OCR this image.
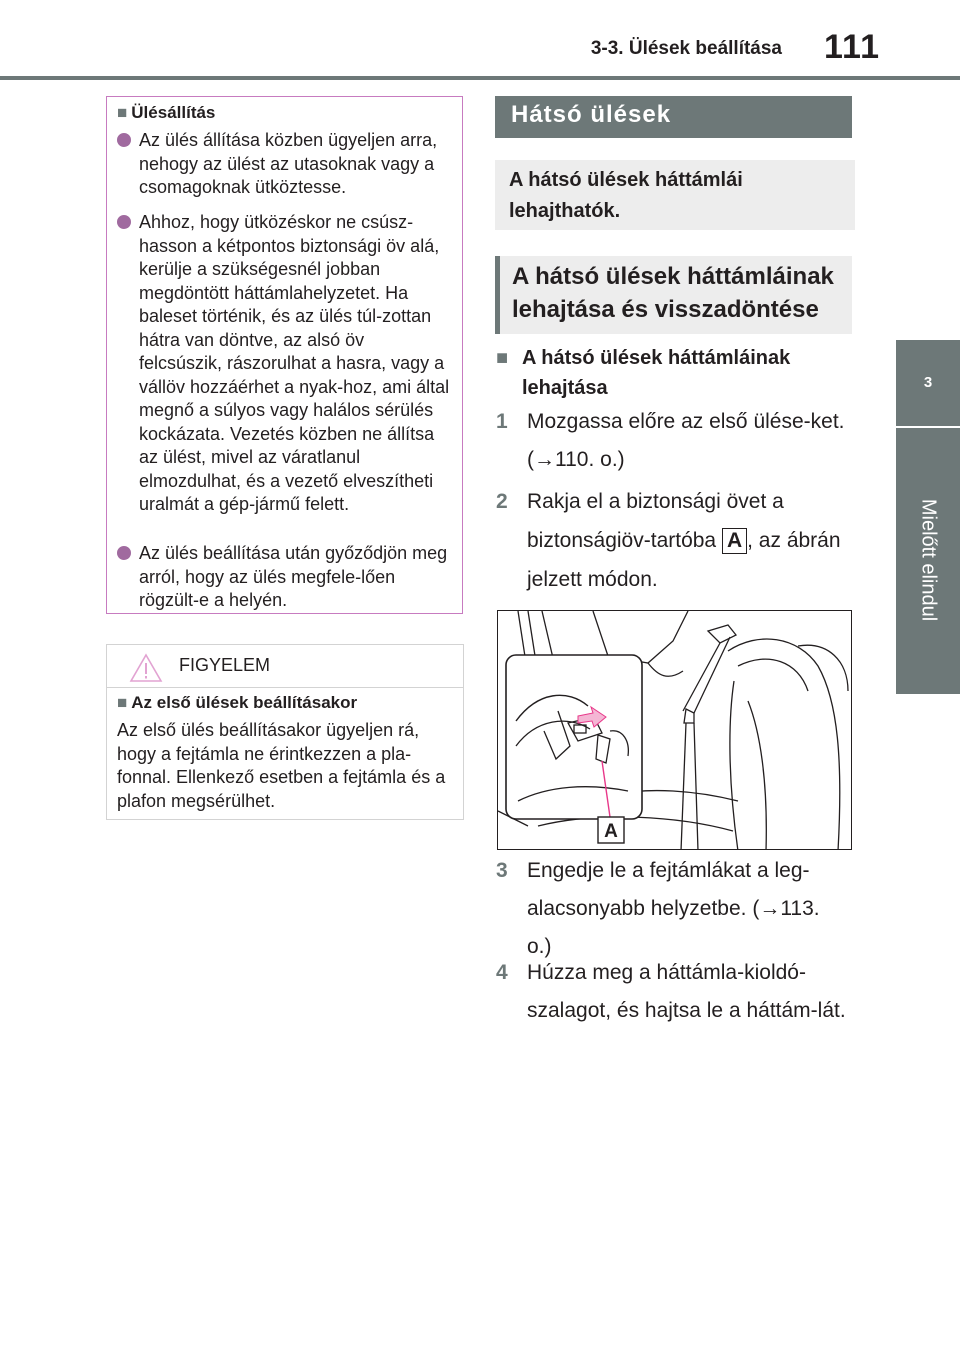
3-3. Ülések beállítása 111
3
Mielőtt elindul
■ Ülésállítás
Az ülés állítása közben ügyeljen arra, nehogy az ülést az utasoknak vagy a csomagoknak ütköztesse.
Ahhoz, hogy ütközéskor ne csúsz-hasson a kétpontos biztonsági öv alá, kerülje a szükségesnél jobban megdöntött háttámlahelyzetet. Ha baleset történik, és az ülés túl-zottan hátra van döntve, az alsó öv felcsúszik, rászorulhat a hasra, vagy a vállöv hozzáérhet a nyak-hoz, ami által megnő a súlyos vagy halálos sérülés kockázata. Vezetés közben ne állítsa az ülést, mivel az váratlanul elmozdulhat, és a vezető elveszítheti uralmát a gép-jármű felett.
Az ülés beállítása után győződjön meg arról, hogy az ülés megfele-lően rögzült-e a helyén.
FIGYELEM
■ Az első ülések beállításakor
Az első ülés beállításakor ügyeljen rá, hogy a fejtámla ne érintkezzen a pla-fonnal. Ellenkező esetben a fejtámla és a plafon megsérülhet.
Hátsó ülések
A hátsó ülések háttámlái lehajthatók.
A hátsó ülések háttámláinak lehajtása és visszadöntése
■ A hátsó ülések háttámláinak lehajtása
1 Mozgassa előre az első ülése-ket. (→110. o.)
2 Rakja el a biztonsági övet a biztonságiöv-tartóba A , az ábrán jelzett módon.
A
3 Engedje le a fejtámlákat a leg-alacsonyabb helyzetbe. (→113. o.)
4 Húzza meg a háttámla-kioldó-szalagot, és hajtsa le a háttám-lát.
